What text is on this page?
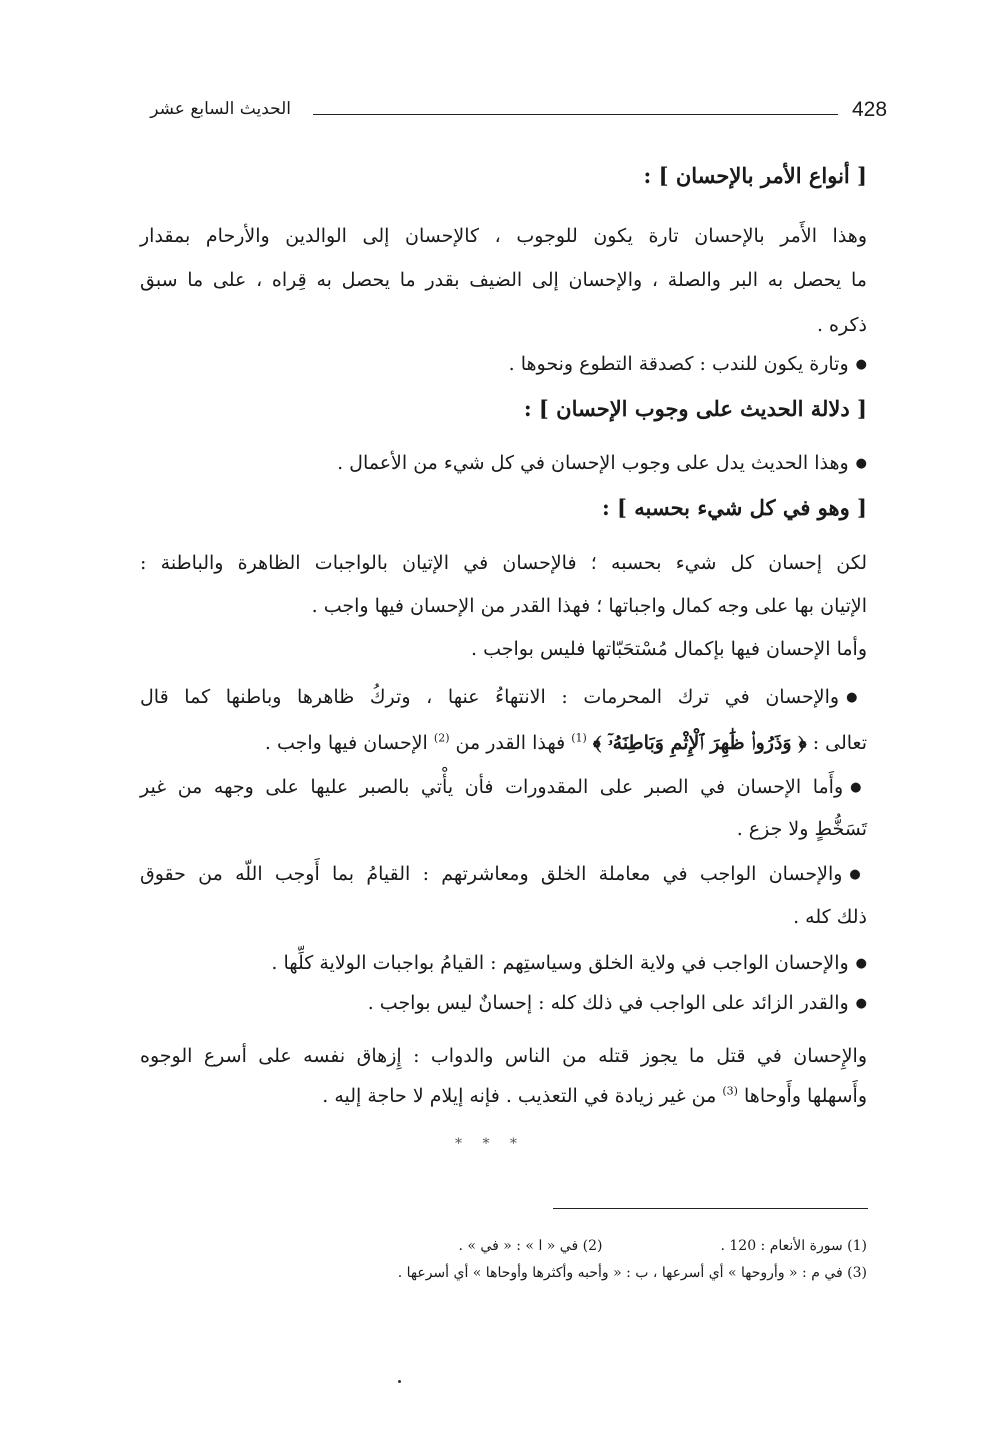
428
الحديث السابع عشر
[ أنواع الأمر بالإحسان ] :
وهذا الأَمر بالإحسان تارة يكون للوجوب ، كالإحسان إلى الوالدين والأرحام بمقدار
ما يحصل به البر والصلة ، والإحسان إلى الضيف بقدر ما يحصل به قِراه ، على ما سبق
ذكره .
● وتارة يكون للندب : كصدقة التطوع ونحوها .
[ دلالة الحديث على وجوب الإحسان ] :
● وهذا الحديث يدل على وجوب الإحسان في كل شيء من الأعمال .
[ وهو في كل شيء بحسبه ] :
لكن إحسان كل شيء بحسبه ؛ فالإحسان في الإتيان بالواجبات الظاهرة والباطنة :
الإتيان بها على وجه كمال واجباتها ؛ فهذا القدر من الإحسان فيها واجب .
وأما الإحسان فيها بإكمال مُسْتحَبّاتها فليس بواجب .
● والإحسان في ترك المحرمات : الانتهاءُ عنها ، وتركُ ظاهرها وباطنها كما قال
تعالى : ﴿ وَذَرُوا۟ ظَٰهِرَ ٱلْإِثْمِ وَبَاطِنَهُۥٓ ﴾ $^{(1)}$ فهذا القدر من $^{(2)}$ الإحسان فيها واجب .
● وأَما الإحسان في الصبر على المقدورات فأن يأْتي بالصبر عليها على وجهه من غير
تَسَخُّطٍ ولا جزع .
● والإحسان الواجب في معاملة الخلق ومعاشرتهم : القيامُ بما أَوجب اللّه من حقوق
ذلك كله .
● والإحسان الواجب في ولاية الخلق وسياستِهم : القيامُ بواجبات الولاية كلِّها .
● والقدر الزائد على الواجب في ذلك كله : إحسانٌ ليس بواجب .
والإِحسان في قتل ما يجوز قتله من الناس والدواب : إِزهاق نفسه على أسرع الوجوه
وأَسهلها وأَوحاها $^{(3)}$ من غير زيادة في التعذيب . فإنه إيلام لا حاجة إليه .
* * *
(1) سورة الأنعام : 120 .(2) في « ا » : « في » .
(3) في م : « وأروحها » أي أسرعها ، ب : « وأحبه وأكثرها وأوحاها » أي أسرعها .
